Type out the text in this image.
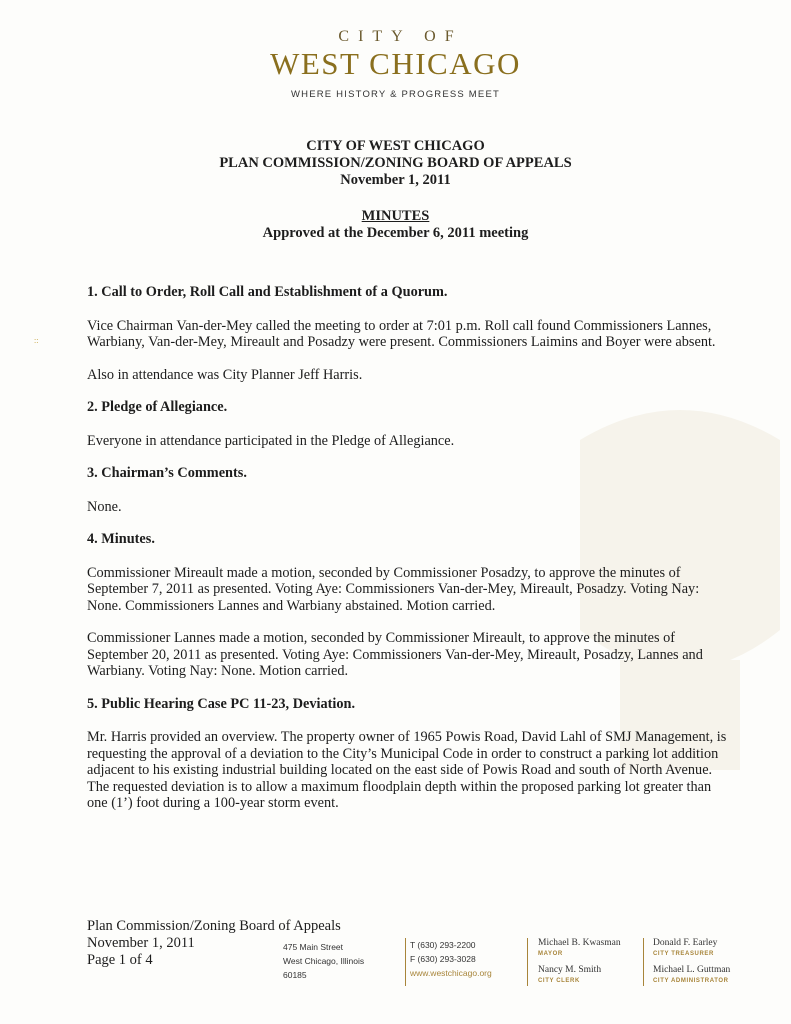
::
CITY OF
WEST CHICAGO
WHERE HISTORY & PROGRESS MEET
CITY OF WEST CHICAGO
PLAN COMMISSION/ZONING BOARD OF APPEALS
November 1, 2011
MINUTES
Approved at the December 6, 2011 meeting

1. Call to Order, Roll Call and Establishment of a Quorum.

Vice Chairman Van-der-Mey called the meeting to order at 7:01 p.m. Roll call found Commissioners Lannes, Warbiany, Van-der-Mey, Mireault and Posadzy were present. Commissioners Laimins and Boyer were absent.

Also in attendance was City Planner Jeff Harris.

2. Pledge of Allegiance.

Everyone in attendance participated in the Pledge of Allegiance.

3. Chairman’s Comments.

None.

4. Minutes.

Commissioner Mireault made a motion, seconded by Commissioner Posadzy, to approve the minutes of September 7, 2011 as presented. Voting Aye: Commissioners Van-der-Mey, Mireault, Posadzy. Voting Nay: None. Commissioners Lannes and Warbiany abstained. Motion carried.

Commissioner Lannes made a motion, seconded by Commissioner Mireault, to approve the minutes of September 20, 2011 as presented. Voting Aye: Commissioners Van-der-Mey, Mireault, Posadzy, Lannes and Warbiany. Voting Nay: None. Motion carried.

5. Public Hearing Case PC 11-23, Deviation.

Mr. Harris provided an overview. The property owner of 1965 Powis Road, David Lahl of SMJ Management, is requesting the approval of a deviation to the City’s Municipal Code in order to construct a parking lot addition adjacent to his existing industrial building located on the east side of Powis Road and south of North Avenue. The requested deviation is to allow a maximum floodplain depth within the proposed parking lot greater than one (1’) foot during a 100-year storm event.

Plan Commission/Zoning Board of Appeals
November 1, 2011
Page 1 of 4
475 Main Street
West Chicago, Illinois
60185
T (630) 293-2200
F (630) 293-3028
www.westchicago.org
Michael B. Kwasman
MAYOR
Nancy M. Smith
CITY CLERK
Donald F. Earley
CITY TREASURER
Michael L. Guttman
CITY ADMINISTRATOR
